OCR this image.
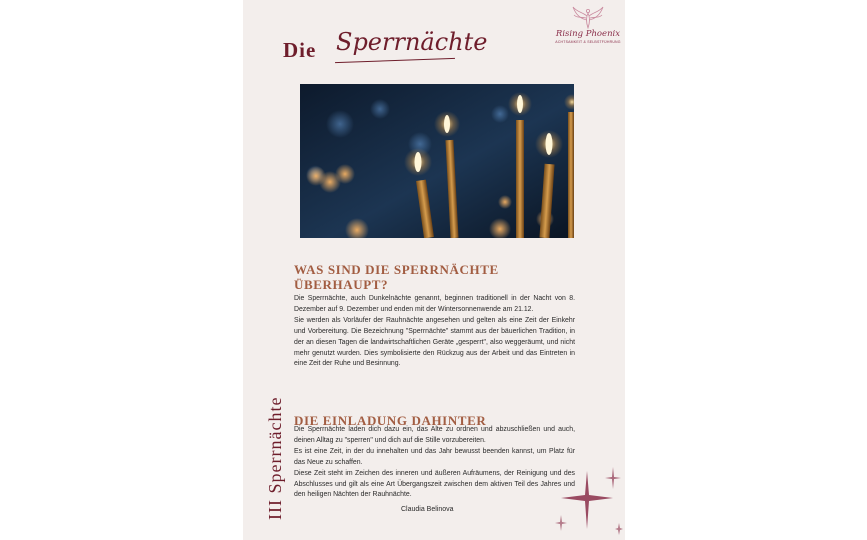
Die Sperrnächte	Rising Phoenix
ACHTSAMKEIT & SELBSTFÜHRUNG
III Sperrnächte
WAS SIND DIE SPERRNÄCHTE ÜBERHAUPT?

Die Sperrnächte, auch Dunkelnächte genannt, beginnen traditionell in der Nacht von 8. Dezember auf 9. Dezember und enden mit der Wintersonnenwende am 21.12.

Sie werden als Vorläufer der Rauhnächte angesehen und gelten als eine Zeit der Einkehr und Vorbereitung. Die Bezeichnung "Sperrnächte" stammt aus der bäuerlichen Tradition, in der an diesen Tagen die landwirtschaftlichen Geräte „gesperrt", also weggeräumt, und nicht mehr genutzt wurden. Dies symbolisierte den Rückzug aus der Arbeit und das Eintreten in eine Zeit der Ruhe und Besinnung.

DIE EINLADUNG DAHINTER

Die Sperrnächte laden dich dazu ein, das Alte zu ordnen und abzuschließen und auch, deinen Alltag zu "sperren" und dich auf die Stille vorzubereiten.

Es ist eine Zeit, in der du innehalten und das Jahr bewusst beenden kannst, um Platz für das Neue zu schaffen.

Diese Zeit steht im Zeichen des inneren und äußeren Aufräumens, der Reinigung und des Abschlusses und gilt als eine Art Übergangszeit zwischen dem aktiven Teil des Jahres und den heiligen Nächten der Rauhnächte.

Claudia Belinova
